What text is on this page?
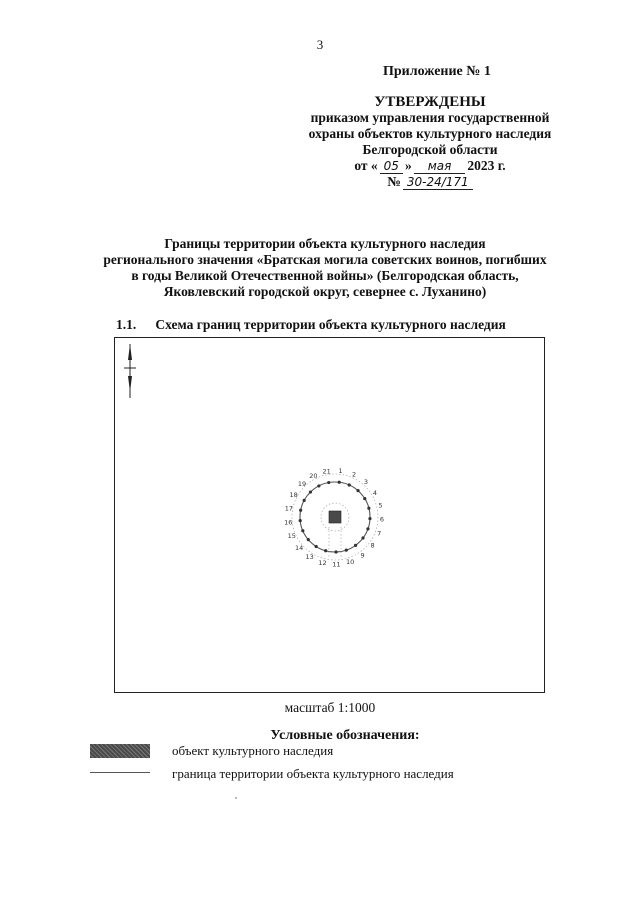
3
Приложение № 1
УТВЕРЖДЕНЫ
приказом управления государственной
охраны объектов культурного наследия
Белгородской области
от « 05 »	мая	2023 г.
№ 30-24/171
Границы территории объекта культурного наследия
регионального значения «Братская могила советских воинов, погибших
в годы Великой Отечественной войны» (Белгородская область,
Яковлевский городской округ, севернее с. Луханино)
1.1. Схема границ территории объекта культурного наследия
1 2
3
4
5
6
7
8
9
10
11
12
13
14
15
16
17
18
19
20
21
масштаб 1:1000
Условные обозначения:
объект культурного наследия
граница территории объекта культурного наследия
